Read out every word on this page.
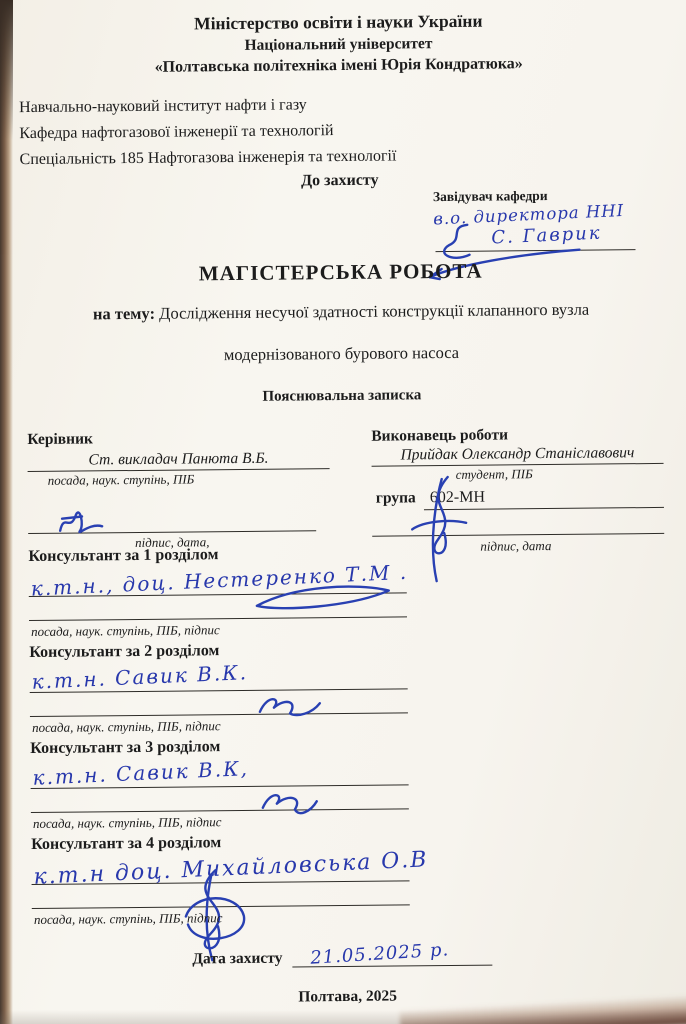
Міністерство освіти і науки України
Національний університет
«Полтавська політехніка імені Юрія Кондратюка»
Навчально-науковий інститут нафти і газу
Кафедра нафтогазової інженерії та технологій
Спеціальність 185 Нафтогазова інженерія та технології
До захисту
Завідувач кафедри
в.о. директора ННІ
С. Гаврик
МАГІСТЕРСЬКА РОБОТА
на тему: Дослідження несучої здатності конструкції клапанного вузла
модернізованого бурового насоса
Пояснювальна записка
Керівник
Ст. викладач Панюта В.Б.
посада, наук. ступінь, ПІБ
підпис, дата,
Виконавець роботи
Прийдак Олександр Станіславович
студент, ПІБ
група 602-МН
підпис, дата
Консультант за 1 розділом
к.т.н., доц. Нестеренко Т.М .
посада, наук. ступінь, ПІБ, підпис
Консультант за 2 розділом
к.т.н. Савик В.К.
посада, наук. ступінь, ПІБ, підпис
Консультант за 3 розділом
к.т.н. Савик В.К,
посада, наук. ступінь, ПІБ, підпис
Консультант за 4 розділом
к.т.н доц. Михайловська О.В
посада, наук. ступінь, ПІБ, підпис
Дата захисту 21.05.2025 р.
Полтава, 2025
